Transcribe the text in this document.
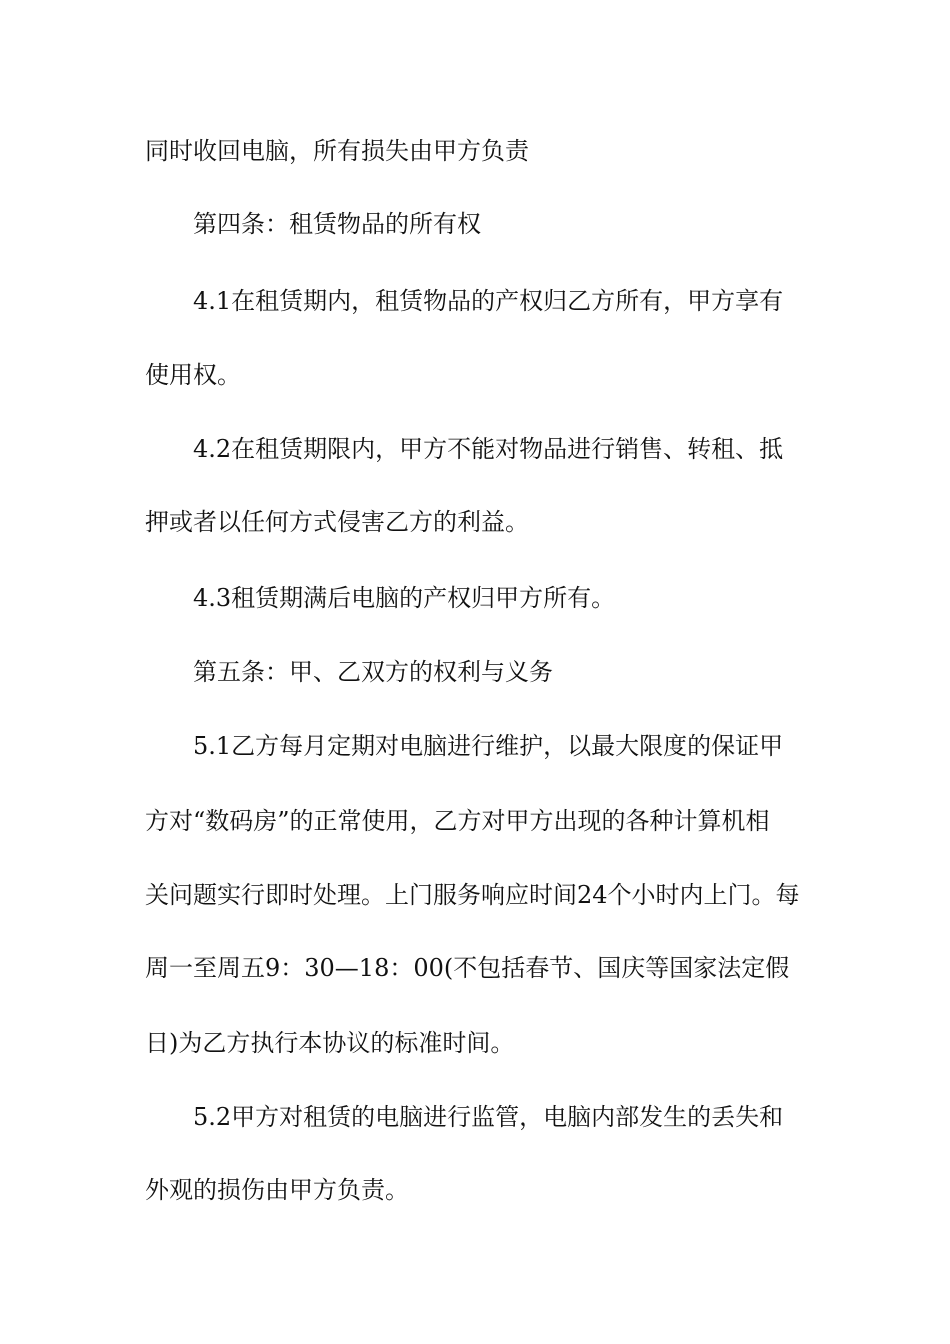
同时收回电脑，所有损失由甲方负责
第四条：租赁物品的所有权
4.1在租赁期内，租赁物品的产权归乙方所有，甲方享有
使用权。
4.2在租赁期限内，甲方不能对物品进行销售、转租、抵
押或者以任何方式侵害乙方的利益。
4.3租赁期满后电脑的产权归甲方所有。
第五条：甲、乙双方的权利与义务
5.1乙方每月定期对电脑进行维护，以最大限度的保证甲
方对“数码房”的正常使用，乙方对甲方出现的各种计算机相
关问题实行即时处理。上门服务响应时间24个小时内上门。每
周一至周五9：30—18：00(不包括春节、国庆等国家法定假
日)为乙方执行本协议的标准时间。
5.2甲方对租赁的电脑进行监管，电脑内部发生的丢失和
外观的损伤由甲方负责。
